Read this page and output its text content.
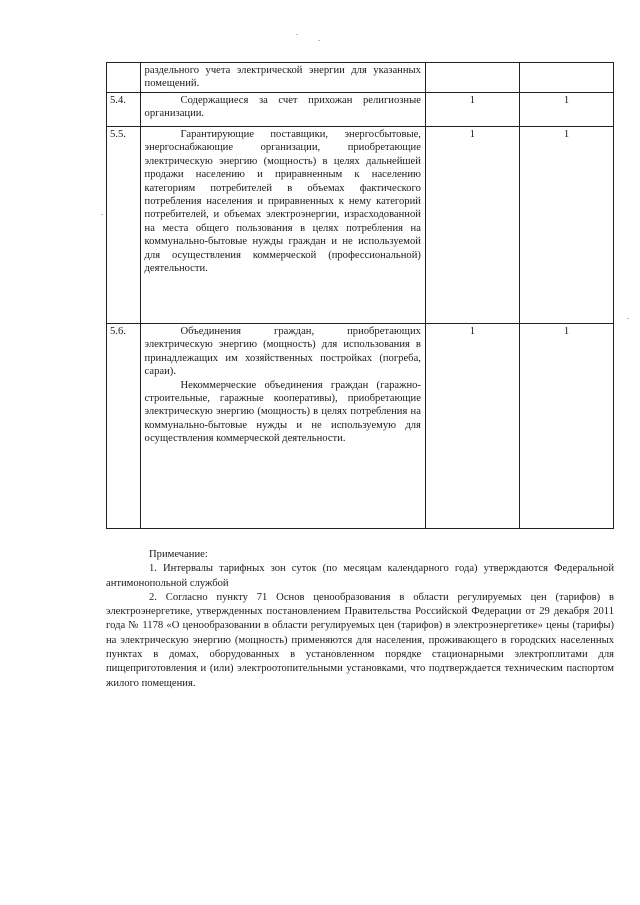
	раздельного учета электрической энергии для указанных помещений.		

5.4.	Содержащиеся за счет прихожан религиозные организации.	1	1
5.5.	Гарантирующие поставщики, энергосбытовые, энергоснабжающие организации, приобретающие электрическую энергию (мощность) в целях дальнейшей продажи населению и приравненным к населению категориям потребителей в объемах фактического потребления населения и приравненных к нему категорий потребителей, и объемах электроэнергии, израсходованной на места общего пользования в целях потребления на коммунально-бытовые нужды граждан и не используемой для осуществления коммерческой (профессиональной) деятельности.	1	1
5.6.	Объединения граждан, приобретающих электрическую энергию (мощность) для использования в принадлежащих им хозяйственных постройках (погреба, сараи).

Некоммерческие объединения граждан (гаражно-строительные, гаражные кооперативы), приобретающие электрическую энергию (мощность) в целях потребления на коммунально-бытовые нужды и не используемую для осуществления коммерческой деятельности.	1	1

Примечание:

1. Интервалы тарифных зон суток (по месяцам календарного года) утверждаются Федеральной антимонопольной службой

2. Согласно пункту 71 Основ ценообразования в области регулируемых цен (тарифов) в электроэнергетике, утвержденных постановлением Правительства Российской Федерации от 29 декабря 2011 года № 1178 «О ценообразовании в области регулируемых цен (тарифов) в электроэнергетике» цены (тарифы) на электрическую энергию (мощность) применяются для населения, проживающего в городских населенных пунктах в домах, оборудованных в установленном порядке стационарными электроплитами для пищеприготовления и (или) электроотопительными установками, что подтверждается техническим паспортом жилого помещения.
